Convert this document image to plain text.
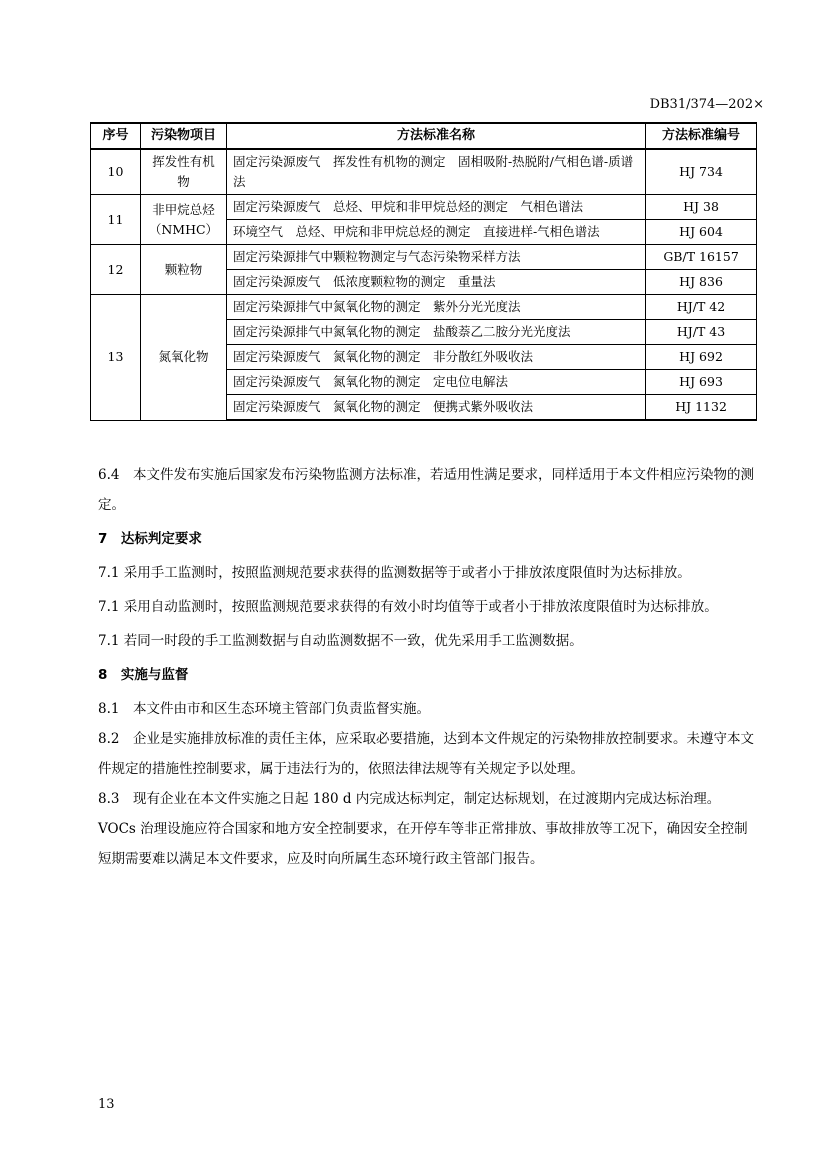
DB31/374—202×
序号	污染物项目	方法标准名称	方法标准编号
10	挥发性有机物	固定污染源废气　挥发性有机物的测定　固相吸附-热脱附/气相色谱-质谱法	HJ 734
11	非甲烷总烃（NMHC）	固定污染源废气　总烃、甲烷和非甲烷总烃的测定　气相色谱法	HJ 38
		环境空气　总烃、甲烷和非甲烷总烃的测定　直接进样-气相色谱法	HJ 604
12	颗粒物	固定污染源排气中颗粒物测定与气态污染物采样方法	GB/T 16157
		固定污染源废气　低浓度颗粒物的测定　重量法	HJ 836
13	氮氧化物	固定污染源排气中氮氧化物的测定　紫外分光光度法	HJ/T 42
		固定污染源排气中氮氧化物的测定　盐酸萘乙二胺分光光度法	HJ/T 43
		固定污染源废气　氮氧化物的测定　非分散红外吸收法	HJ 692
		固定污染源废气　氮氧化物的测定　定电位电解法	HJ 693
		固定污染源废气　氮氧化物的测定　便携式紫外吸收法	HJ 1132

6.4　本文件发布实施后国家发布污染物监测方法标准，若适用性满足要求，同样适用于本文件相应污染物的测定。

7　达标判定要求

7.1 采用手工监测时，按照监测规范要求获得的监测数据等于或者小于排放浓度限值时为达标排放。

7.1 采用自动监测时，按照监测规范要求获得的有效小时均值等于或者小于排放浓度限值时为达标排放。

7.1 若同一时段的手工监测数据与自动监测数据不一致，优先采用手工监测数据。

8　实施与监督

8.1　本文件由市和区生态环境主管部门负责监督实施。

8.2　企业是实施排放标准的责任主体，应采取必要措施，达到本文件规定的污染物排放控制要求。未遵守本文件规定的措施性控制要求，属于违法行为的，依照法律法规等有关规定予以处理。

8.3　现有企业在本文件实施之日起 180 d 内完成达标判定，制定达标规划，在过渡期内完成达标治理。VOCs 治理设施应符合国家和地方安全控制要求，在开停车等非正常排放、事故排放等工况下，确因安全控制短期需要难以满足本文件要求，应及时向所属生态环境行政主管部门报告。

13
